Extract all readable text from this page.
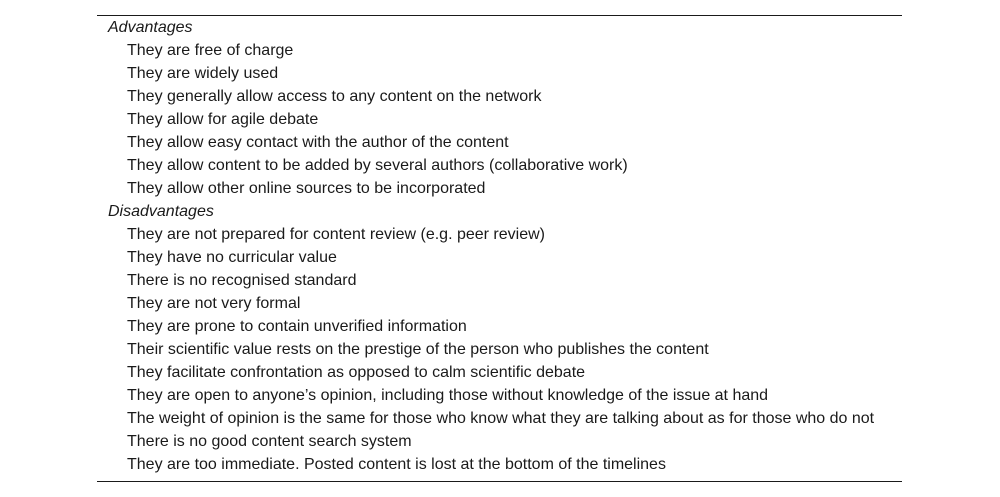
Advantages
They are free of charge
They are widely used
They generally allow access to any content on the network
They allow for agile debate
They allow easy contact with the author of the content
They allow content to be added by several authors (collaborative work)
They allow other online sources to be incorporated
Disadvantages
They are not prepared for content review (e.g. peer review)
They have no curricular value
There is no recognised standard
They are not very formal
They are prone to contain unverified information
Their scientific value rests on the prestige of the person who publishes the content
They facilitate confrontation as opposed to calm scientific debate
They are open to anyone’s opinion, including those without knowledge of the issue at hand
The weight of opinion is the same for those who know what they are talking about as for those who do not
There is no good content search system
They are too immediate. Posted content is lost at the bottom of the timelines
